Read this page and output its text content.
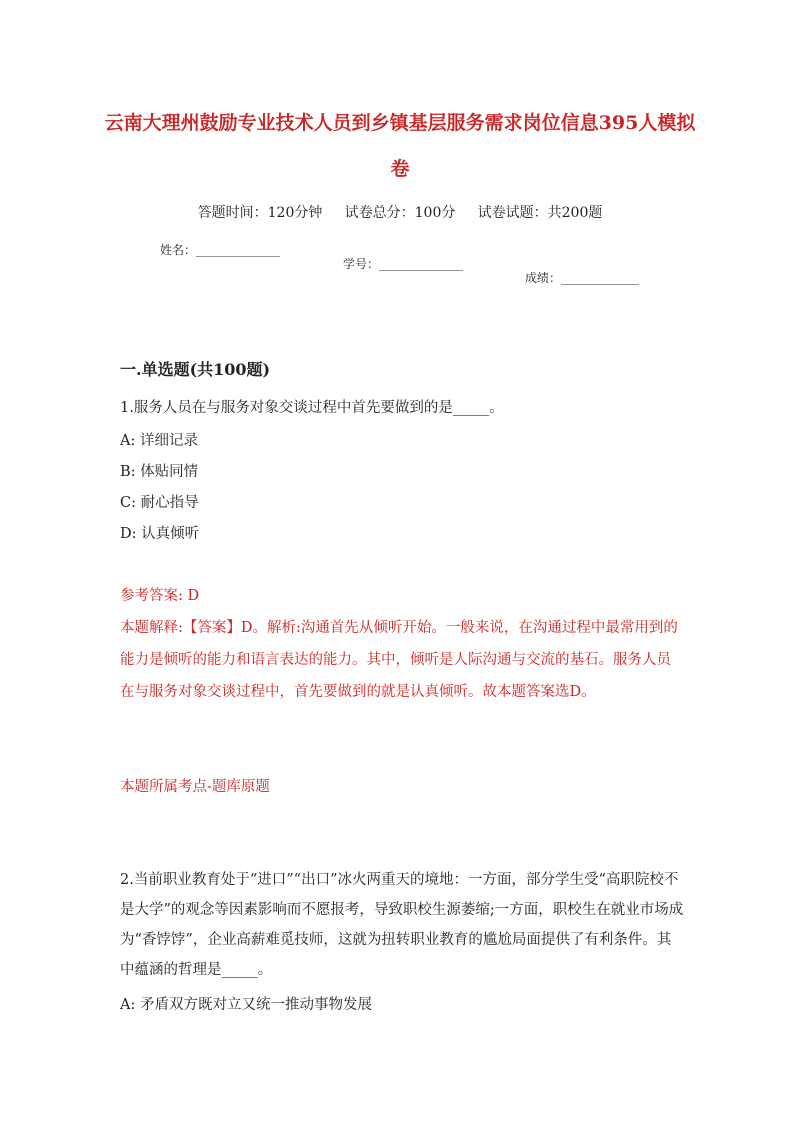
云南大理州鼓励专业技术人员到乡镇基层服务需求岗位信息395人模拟卷
答题时间：120分钟 试卷总分：100分 试卷试题：共200题

姓名：______________

学号：______________

成绩：_____________

一.单选题(共100题)
1.服务人员在与服务对象交谈过程中首先要做到的是_____。
A: 详细记录
B: 体贴同情
C: 耐心指导
D: 认真倾听
参考答案: D
本题解释:【答案】D。解析:沟通首先从倾听开始。一般来说，在沟通过程中最常用到的能力是倾听的能力和语言表达的能力。其中，倾听是人际沟通与交流的基石。服务人员在与服务对象交谈过程中，首先要做到的就是认真倾听。故本题答案选D。
本题所属考点-题库原题
2.当前职业教育处于“进口”“出口”冰火两重天的境地：一方面，部分学生受“高职院校不是大学”的观念等因素影响而不愿报考，导致职校生源萎缩;一方面，职校生在就业市场成为“香饽饽”，企业高薪难觅技师，这就为扭转职业教育的尴尬局面提供了有利条件。其中蕴涵的哲理是_____。
A: 矛盾双方既对立又统一推动事物发展
